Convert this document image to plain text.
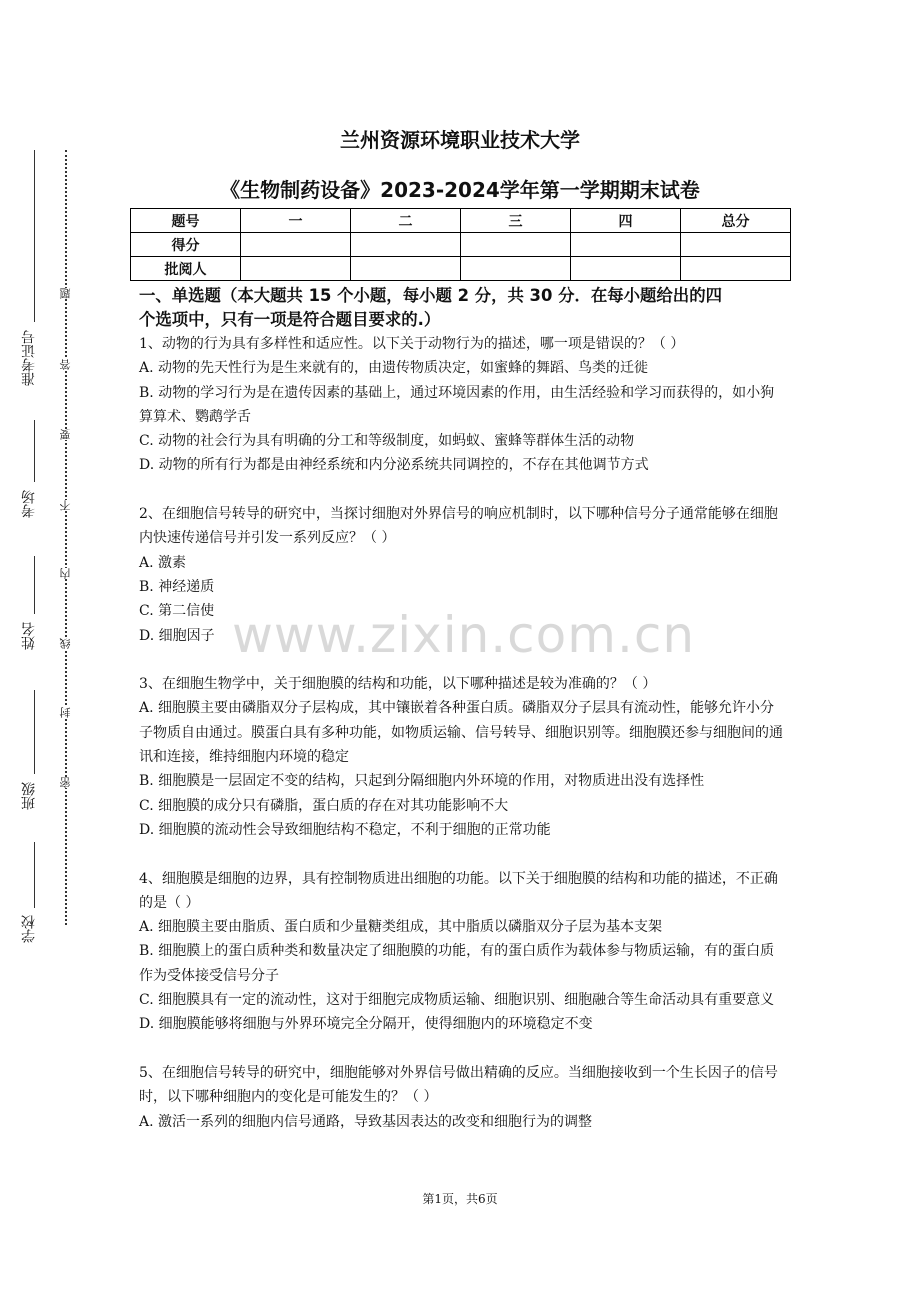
兰州资源环境职业技术大学
《生物制药设备》2023-2024学年第一学期期末试卷
题号	一	二	三	四	总分
得分					
批阅人					
一、单选题（本大题共 15 个小题，每小题 2 分，共 30 分．在每小题给出的四
个选项中，只有一项是符合题目要求的.）

1、动物的行为具有多样性和适应性。以下关于动物行为的描述，哪一项是错误的？（ ）

A. 动物的先天性行为是生来就有的，由遗传物质决定，如蜜蜂的舞蹈、鸟类的迁徙

B. 动物的学习行为是在遗传因素的基础上，通过环境因素的作用，由生活经验和学习而获得的，如小狗算算术、鹦鹉学舌

C. 动物的社会行为具有明确的分工和等级制度，如蚂蚁、蜜蜂等群体生活的动物

D. 动物的所有行为都是由神经系统和内分泌系统共同调控的，不存在其他调节方式

2、在细胞信号转导的研究中，当探讨细胞对外界信号的响应机制时，以下哪种信号分子通常能够在细胞内快速传递信号并引发一系列反应？（ ）

A. 激素

B. 神经递质

C. 第二信使

D. 细胞因子

3、在细胞生物学中，关于细胞膜的结构和功能，以下哪种描述是较为准确的？（ ）

A. 细胞膜主要由磷脂双分子层构成，其中镶嵌着各种蛋白质。磷脂双分子层具有流动性，能够允许小分子物质自由通过。膜蛋白具有多种功能，如物质运输、信号转导、细胞识别等。细胞膜还参与细胞间的通讯和连接，维持细胞内环境的稳定

B. 细胞膜是一层固定不变的结构，只起到分隔细胞内外环境的作用，对物质进出没有选择性

C. 细胞膜的成分只有磷脂，蛋白质的存在对其功能影响不大

D. 细胞膜的流动性会导致细胞结构不稳定，不利于细胞的正常功能

4、细胞膜是细胞的边界，具有控制物质进出细胞的功能。以下关于细胞膜的结构和功能的描述，不正确的是（ ）

A. 细胞膜主要由脂质、蛋白质和少量糖类组成，其中脂质以磷脂双分子层为基本支架

B. 细胞膜上的蛋白质种类和数量决定了细胞膜的功能，有的蛋白质作为载体参与物质运输，有的蛋白质作为受体接受信号分子

C. 细胞膜具有一定的流动性，这对于细胞完成物质运输、细胞识别、细胞融合等生命活动具有重要意义

D. 细胞膜能够将细胞与外界环境完全分隔开，使得细胞内的环境稳定不变

5、在细胞信号转导的研究中，细胞能够对外界信号做出精确的反应。当细胞接收到一个生长因子的信号时，以下哪种细胞内的变化是可能发生的？（ ）

A. 激活一系列的细胞内信号通路，导致基因表达的改变和细胞行为的调整

第1页，共6页
准考证号
考场
姓名
班级
学校
题
答
要
不
内
线
封
密
www.zixin.com.cn
